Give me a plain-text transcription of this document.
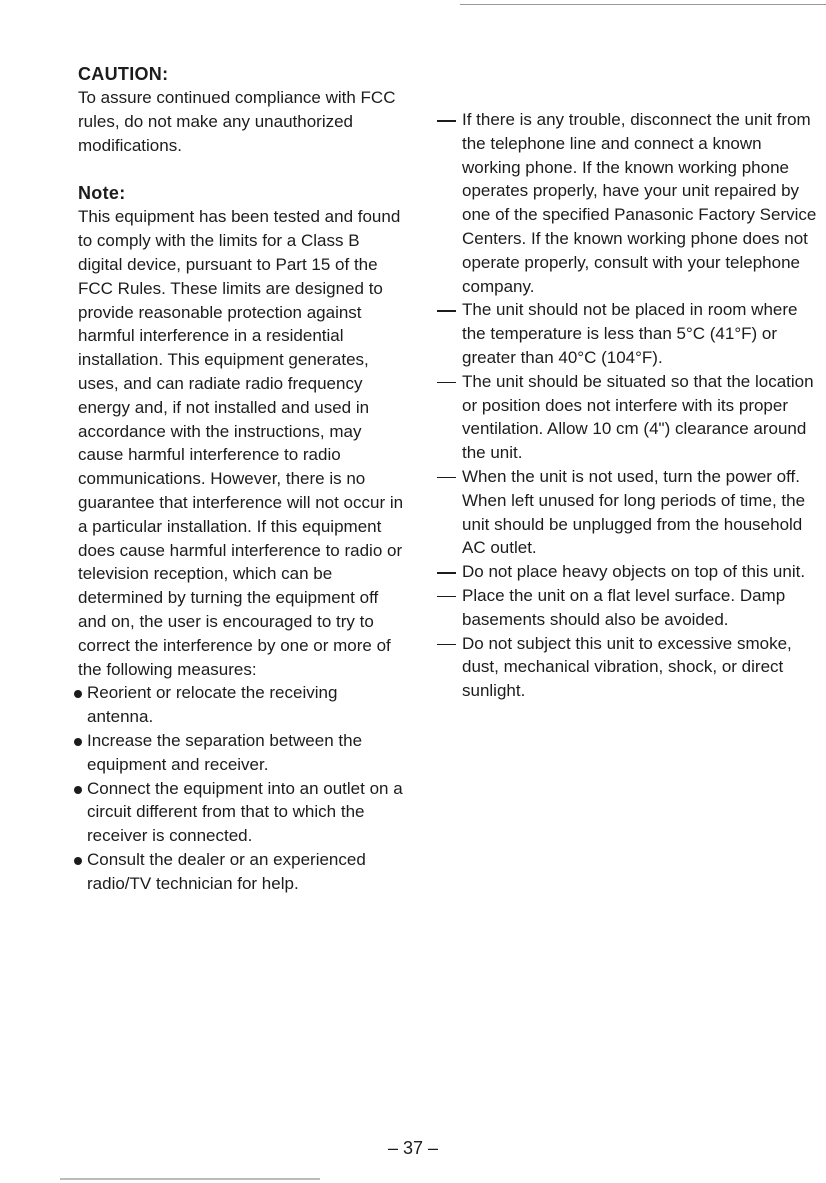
CAUTION:

To assure continued compliance with FCC rules, do not make any unauthorized modifications.

Note:

This equipment has been tested and found to comply with the limits for a Class B digital device, pursuant to Part 15 of the FCC Rules. These limits are designed to provide reasonable protection against harmful interference in a residential installation. This equipment generates, uses, and can radiate radio frequency energy and, if not installed and used in accordance with the instructions, may cause harmful interference to radio communications. However, there is no guarantee that interference will not occur in a particular installation. If this equipment does cause harmful interference to radio or television reception, which can be determined by turning the equipment off and on, the user is encouraged to try to correct the interference by one or more of the following measures:

Reorient or relocate the receiving antenna.
Increase the separation between the equipment and receiver.
Connect the equipment into an outlet on a circuit different from that to which the receiver is connected.
Consult the dealer or an experienced radio/TV technician for help.
If there is any trouble, disconnect the unit from the telephone line and connect a known working phone. If the known working phone operates properly, have your unit repaired by one of the specified Panasonic Factory Service Centers. If the known working phone does not operate properly, consult with your telephone company.
The unit should not be placed in room where the temperature is less than 5°C (41°F) or greater than 40°C (104°F).
The unit should be situated so that the location or position does not interfere with its proper ventilation. Allow 10 cm (4") clearance around the unit.
When the unit is not used, turn the power off. When left unused for long periods of time, the unit should be unplugged from the household AC outlet.
Do not place heavy objects on top of this unit.
Place the unit on a flat level surface. Damp basements should also be avoided.
Do not subject this unit to excessive smoke, dust, mechanical vibration, shock, or direct sunlight.
– 37 –
